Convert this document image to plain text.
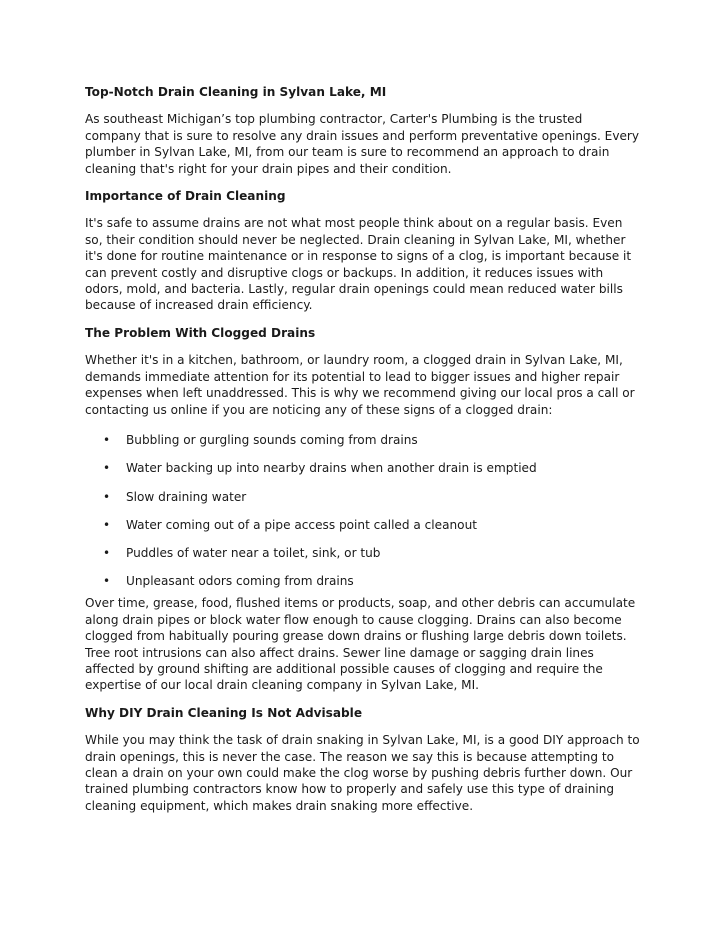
Top-Notch Drain Cleaning in Sylvan Lake, MI

As southeast Michigan’s top plumbing contractor, Carter's Plumbing is the trusted company that is sure to resolve any drain issues and perform preventative openings. Every plumber in Sylvan Lake, MI, from our team is sure to recommend an approach to drain cleaning that's right for your drain pipes and their condition.

Importance of Drain Cleaning

It's safe to assume drains are not what most people think about on a regular basis. Even so, their condition should never be neglected. Drain cleaning in Sylvan Lake, MI, whether it's done for routine maintenance or in response to signs of a clog, is important because it can prevent costly and disruptive clogs or backups. In addition, it reduces issues with odors, mold, and bacteria. Lastly, regular drain openings could mean reduced water bills because of increased drain efficiency.

The Problem With Clogged Drains

Whether it's in a kitchen, bathroom, or laundry room, a clogged drain in Sylvan Lake, MI, demands immediate attention for its potential to lead to bigger issues and higher repair expenses when left unaddressed. This is why we recommend giving our local pros a call or contacting us online if you are noticing any of these signs of a clogged drain:

• Bubbling or gurgling sounds coming from drains
• Water backing up into nearby drains when another drain is emptied
• Slow draining water
• Water coming out of a pipe access point called a cleanout
• Puddles of water near a toilet, sink, or tub
• Unpleasant odors coming from drains

Over time, grease, food, flushed items or products, soap, and other debris can accumulate along drain pipes or block water flow enough to cause clogging. Drains can also become clogged from habitually pouring grease down drains or flushing large debris down toilets. Tree root intrusions can also affect drains. Sewer line damage or sagging drain lines affected by ground shifting are additional possible causes of clogging and require the expertise of our local drain cleaning company in Sylvan Lake, MI.

Why DIY Drain Cleaning Is Not Advisable

While you may think the task of drain snaking in Sylvan Lake, MI, is a good DIY approach to drain openings, this is never the case. The reason we say this is because attempting to clean a drain on your own could make the clog worse by pushing debris further down. Our trained plumbing contractors know how to properly and safely use this type of draining cleaning equipment, which makes drain snaking more effective.
